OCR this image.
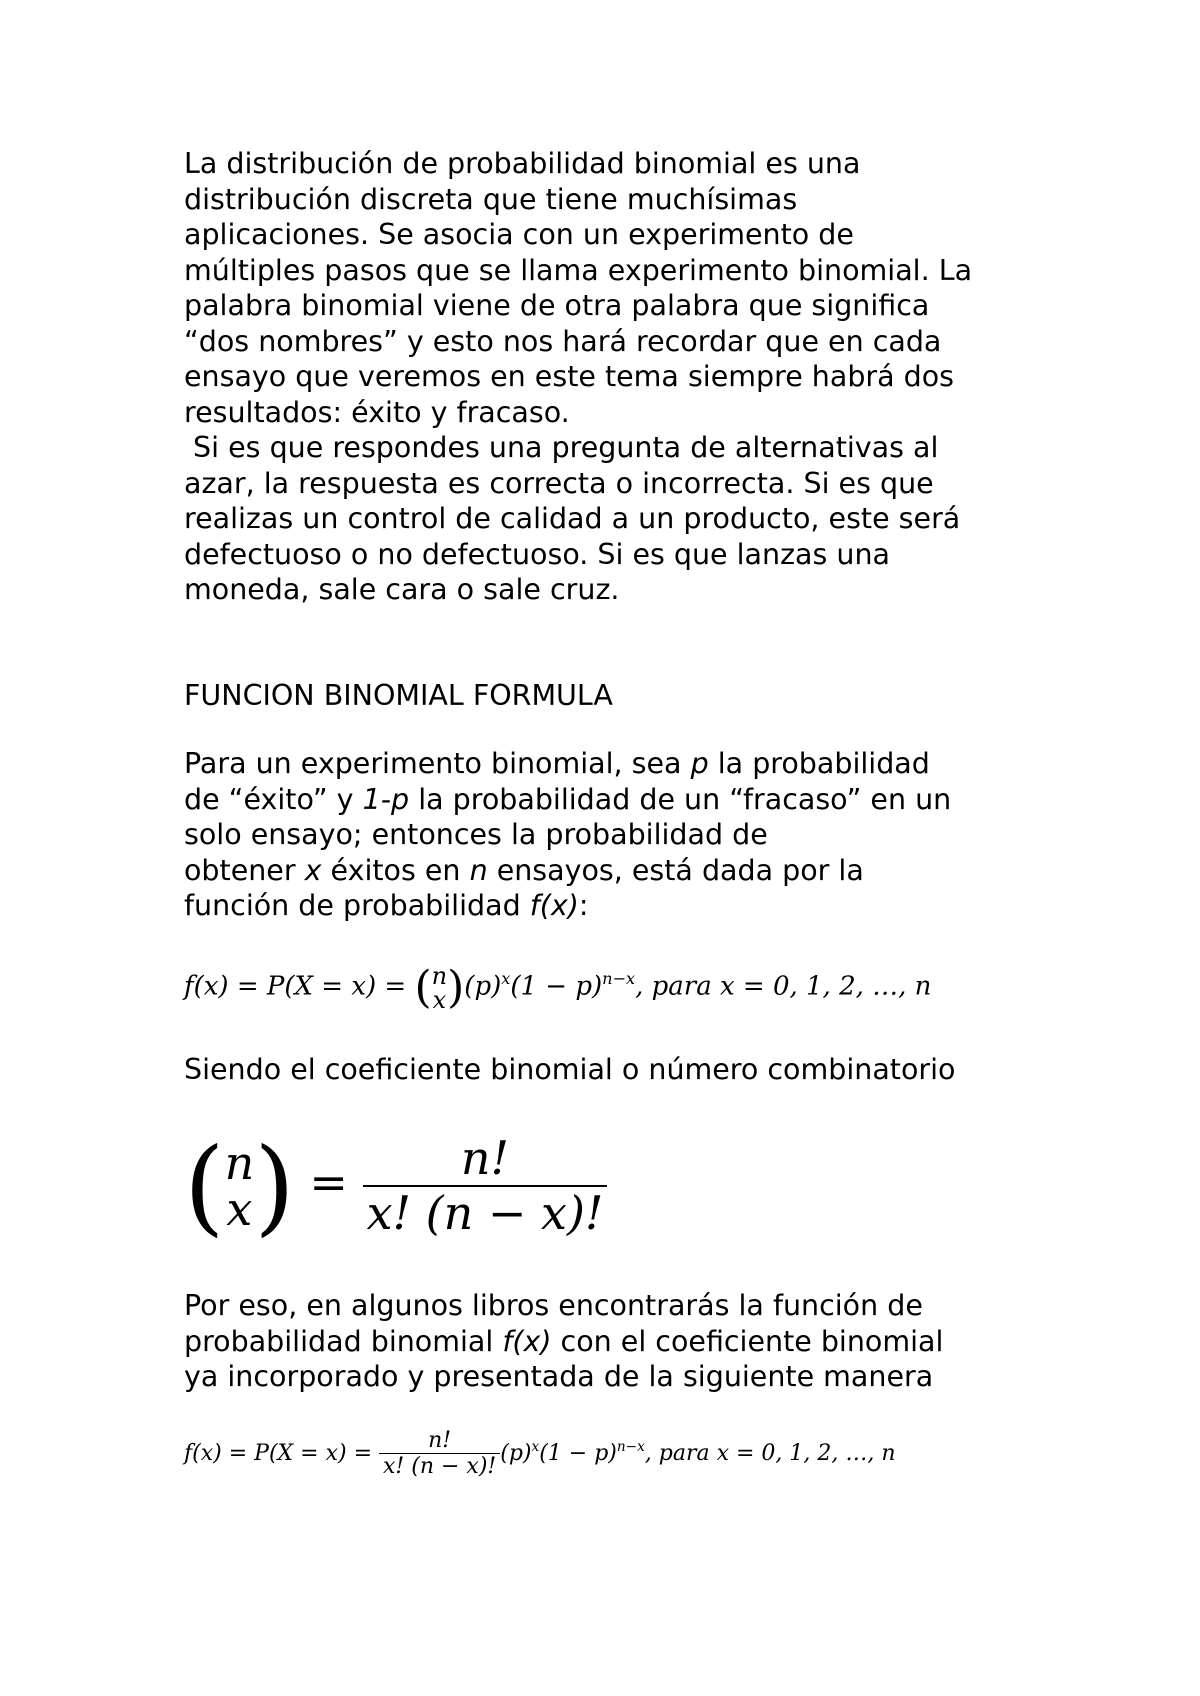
La distribución de probabilidad binomial es una
distribución discreta que tiene muchísimas
aplicaciones. Se asocia con un experimento de
múltiples pasos que se llama experimento binomial. La
palabra binomial viene de otra palabra que significa
“dos nombres” y esto nos hará recordar que en cada
ensayo que veremos en este tema siempre habrá dos
resultados: éxito y fracaso.
Si es que respondes una pregunta de alternativas al
azar, la respuesta es correcta o incorrecta. Si es que
realizas un control de calidad a un producto, este será
defectuoso o no defectuoso. Si es que lanzas una
moneda, sale cara o sale cruz.
FUNCION BINOMIAL FORMULA
Para un experimento binomial, sea p la probabilidad
de “éxito” y 1-p la probabilidad de un “fracaso” en un
solo ensayo; entonces la probabilidad de
obtener x éxitos en n ensayos, está dada por la
función de probabilidad f(x):
f(x) = P(X = x) = ( n
x ) $(p)^x(1 - p)^{n-x}$, para x = 0, 1, 2, …, n
Siendo el coeficiente binomial o número combinatorio
( n
x ) = $\frac{n!}{x! (n - x)!}$
Por eso, en algunos libros encontrarás la función de
probabilidad binomial f(x) con el coeficiente binomial
ya incorporado y presentada de la siguiente manera
$f(x) = P(X = x) = \frac{n!}{x! (n - x)!} (p)^x(1 - p)^{n-x}$, para x = 0, 1, 2, …, n
